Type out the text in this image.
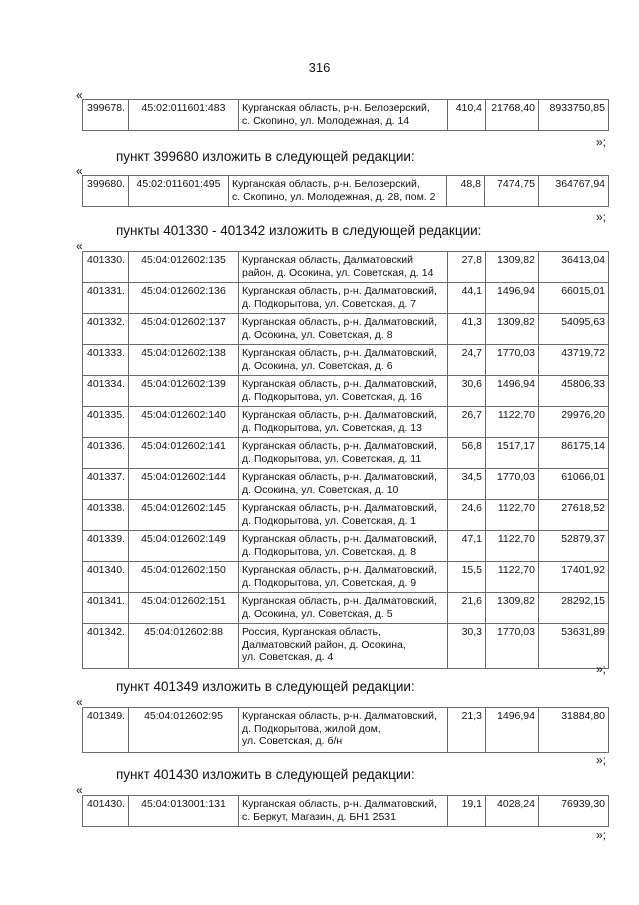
316
«
399678.	45:02:011601:483	Курганская область, р-н. Белозерский,
с. Скопино, ул. Молодежная, д. 14
	410,4	21768,40	8933750,85
»;
пункт 399680 изложить в следующей редакции:
«
399680.	45:02:011601:495	Курганская область, р-н. Белозерский,
с. Скопино, ул. Молодежная, д. 28, пом. 2
	48,8	7474,75	364767,94
»;
пункты 401330 - 401342 изложить в следующей редакции:
«
401330.	45:04:012602:135	Курганская область, Далматовский
район, д. Осокина, ул. Советская, д. 14	27,8	1309,82	36413,04
401331.	45:04:012602:136	Курганская область, р-н. Далматовский,
д. Подкорытова, ул. Советская, д. 7	44,1	1496,94	66015,01
401332.	45:04:012602:137	Курганская область, р-н. Далматовский,
д. Осокина, ул. Советская, д. 8	41,3	1309,82	54095,63
401333.	45:04:012602:138	Курганская область, р-н. Далматовский,
д. Осокина, ул. Советская, д. 6	24,7	1770,03	43719,72
401334.	45:04:012602:139	Курганская область, р-н. Далматовский,
д. Подкорытова, ул. Советская, д. 16	30,6	1496,94	45806,33
401335.	45:04:012602:140	Курганская область, р-н. Далматовский,
д. Подкорытова, ул. Советская, д. 13	26,7	1122,70	29976,20
401336.	45:04:012602:141	Курганская область, р-н. Далматовский,
д. Подкорытова, ул. Советская, д. 11	56,8	1517,17	86175,14
401337.	45:04:012602:144	Курганская область, р-н. Далматовский,
д. Осокина, ул. Советская, д. 10	34,5	1770,03	61066,01
401338.	45:04:012602:145	Курганская область, р-н. Далматовский,
д. Подкорытова, ул. Советская, д. 1	24,6	1122,70	27618,52
401339.	45:04:012602:149	Курганская область, р-н. Далматовский,
д. Подкорытова, ул. Советская, д. 8	47,1	1122,70	52879,37
401340.	45:04:012602:150	Курганская область, р-н. Далматовский,
д. Подкорытова, ул. Советская, д. 9	15,5	1122,70	17401,92
401341.	45:04:012602:151	Курганская область, р-н. Далматовский,
д. Осокина, ул. Советская, д. 5	21,6	1309,82	28292,15
401342.	45:04:012602:88	Россия, Курганская область,
Далматовский район, д. Осокина,
ул. Советская, д. 4	30,3	1770,03	53631,89
»;
пункт 401349 изложить в следующей редакции:
«
401349.	45:04:012602:95	Курганская область, р-н. Далматовский,
д. Подкорытова, жилой дом,
ул. Советская, д. б/н
	21,3	1496,94	31884,80
»;
пункт 401430 изложить в следующей редакции:
«
401430.	45:04:013001:131	Курганская область, р-н. Далматовский,
с. Беркут, Магазин, д. БН1 2531
	19,1	4028,24	76939,30
»;
